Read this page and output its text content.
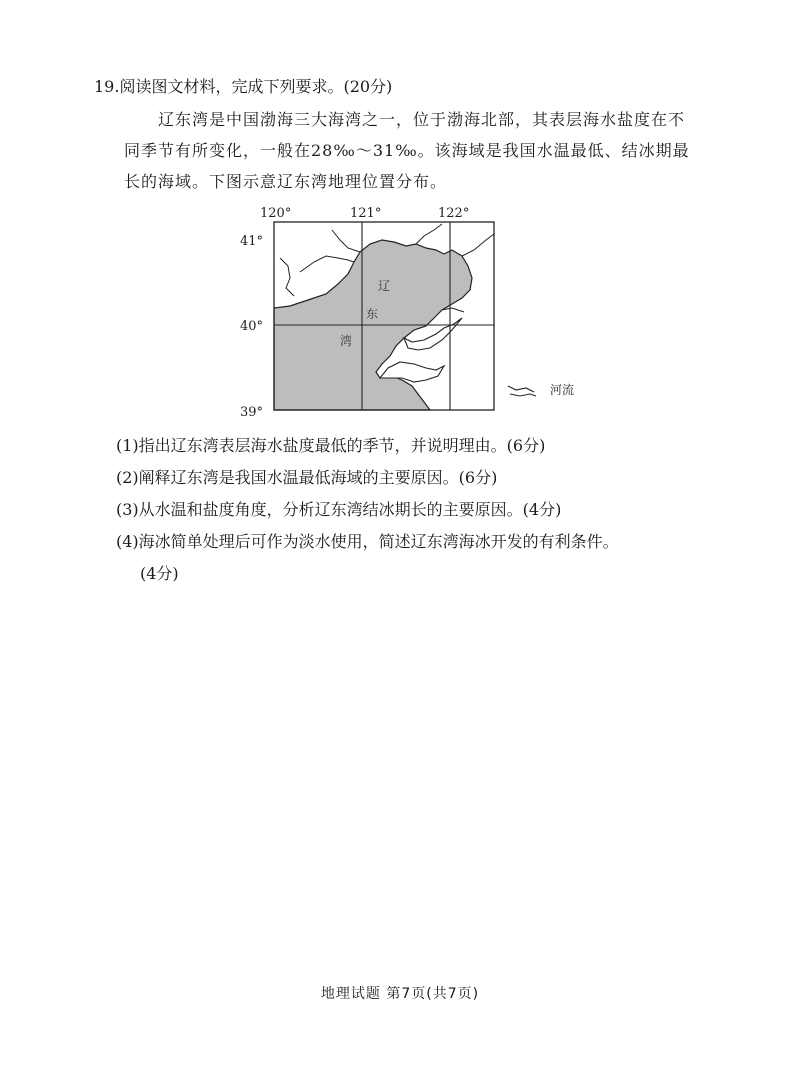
19.阅读图文材料，完成下列要求。(20分)

辽东湾是中国渤海三大海湾之一，位于渤海北部，其表层海水盐度在不同季节有所变化，一般在28‰～31‰。该海域是我国水温最低、结冰期最长的海域。下图示意辽东湾地理位置分布。

120°	121°	122°
41°
40°
39°
辽
东
湾
河流
(1)指出辽东湾表层海水盐度最低的季节，并说明理由。(6分)
(2)阐释辽东湾是我国水温最低海域的主要原因。(6分)
(3)从水温和盐度角度，分析辽东湾结冰期长的主要原因。(4分)
(4)海冰简单处理后可作为淡水使用，简述辽东湾海冰开发的有利条件。
(4分)
地理试题 第7页(共7页)
